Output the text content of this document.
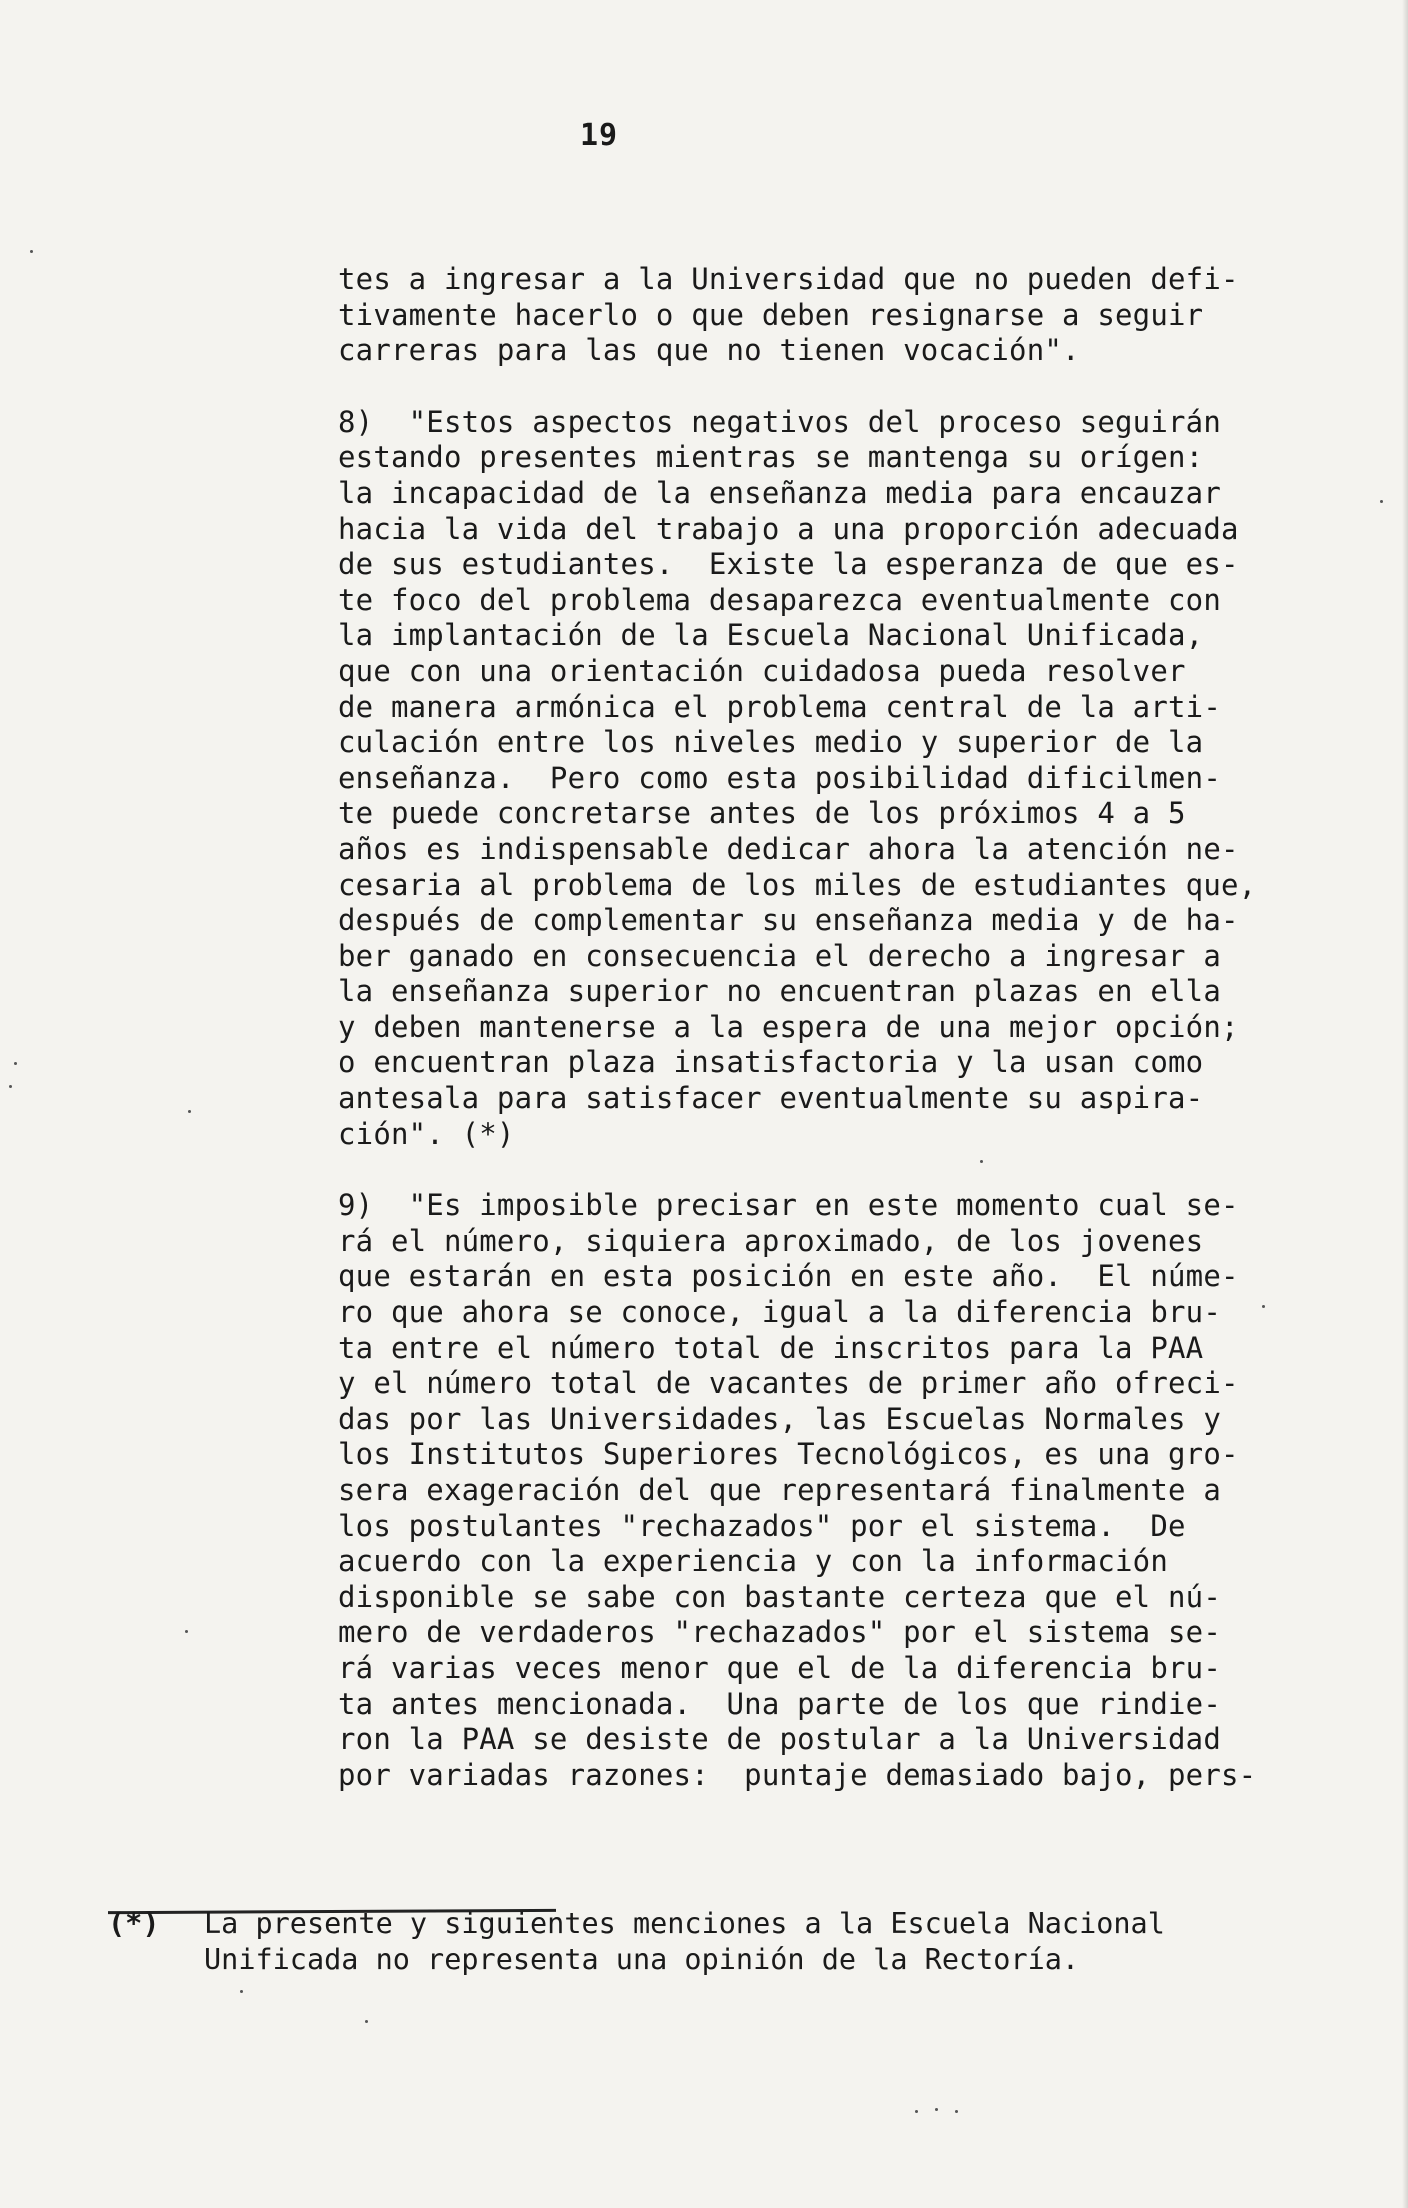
19
tes a ingresar a la Universidad que no pueden defi-
tivamente hacerlo o que deben resignarse a seguir
carreras para las que no tienen vocación".
8)  "Estos aspectos negativos del proceso seguirán
estando presentes mientras se mantenga su orígen:
la incapacidad de la enseñanza media para encauzar
hacia la vida del trabajo a una proporción adecuada
de sus estudiantes.  Existe la esperanza de que es-
te foco del problema desaparezca eventualmente con
la implantación de la Escuela Nacional Unificada,
que con una orientación cuidadosa pueda resolver
de manera armónica el problema central de la arti-
culación entre los niveles medio y superior de la
enseñanza.  Pero como esta posibilidad dificilmen-
te puede concretarse antes de los próximos 4 a 5
años es indispensable dedicar ahora la atención ne-
cesaria al problema de los miles de estudiantes que,
después de complementar su enseñanza media y de ha-
ber ganado en consecuencia el derecho a ingresar a
la enseñanza superior no encuentran plazas en ella
y deben mantenerse a la espera de una mejor opción;
o encuentran plaza insatisfactoria y la usan como
antesala para satisfacer eventualmente su aspira-
ción". (*)
9)  "Es imposible precisar en este momento cual se-
rá el número, siquiera aproximado, de los jovenes
que estarán en esta posición en este año.  El núme-
ro que ahora se conoce, igual a la diferencia bru-
ta entre el número total de inscritos para la PAA
y el número total de vacantes de primer año ofreci-
das por las Universidades, las Escuelas Normales y
los Institutos Superiores Tecnológicos, es una gro-
sera exageración del que representará finalmente a
los postulantes "rechazados" por el sistema.  De
acuerdo con la experiencia y con la información
disponible se sabe con bastante certeza que el nú-
mero de verdaderos "rechazados" por el sistema se-
rá varias veces menor que el de la diferencia bru-
ta antes mencionada.  Una parte de los que rindie-
ron la PAA se desiste de postular a la Universidad
por variadas razones:  puntaje demasiado bajo, pers-
(*) La presente y siguientes menciones a la Escuela Nacional
Unificada no representa una opinión de la Rectoría.
